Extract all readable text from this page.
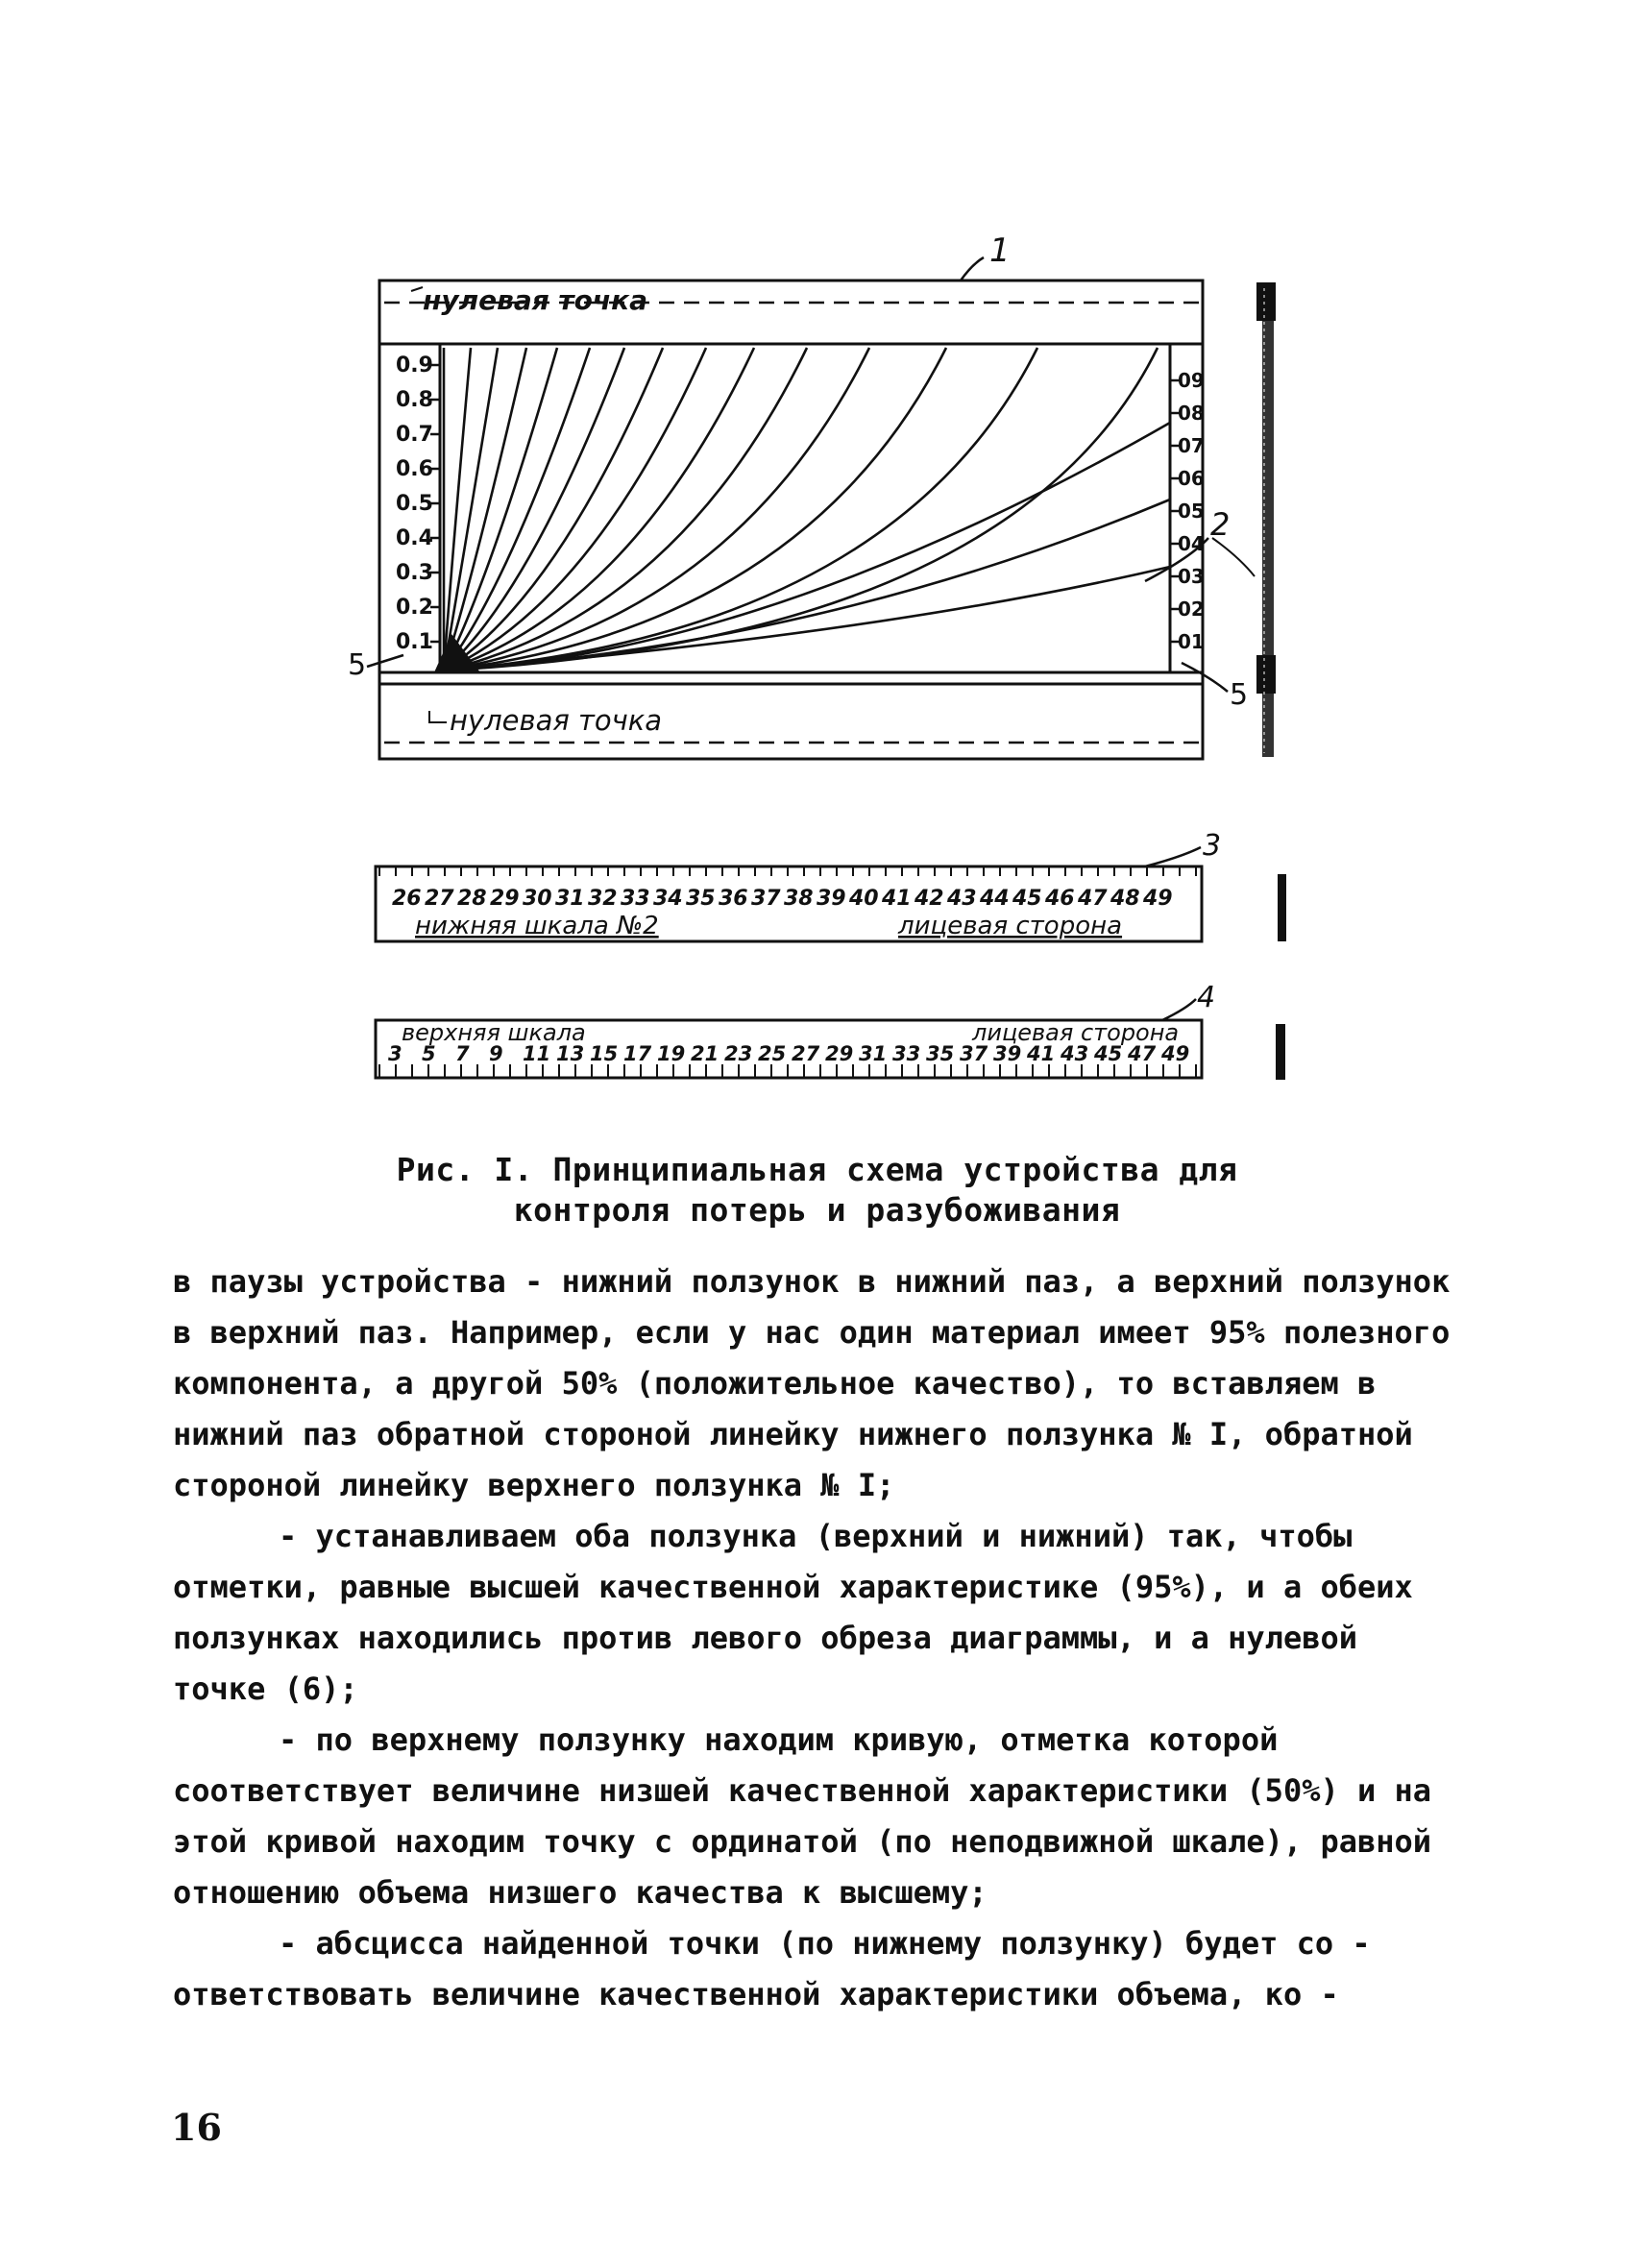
нулевая точка
нулевая точка
0.9
0.8
0.7
0.6
0.5
0.4
0.3
0.2
0.1
09
08
07
06
05
04
03
02
01
1
2
5
5
26 27 28 29 30 31 32 33 34 35 36 37 38 39 40 41 42 43 44 45 46 47 48 49
нижняя шкала №2	лицевая сторона
3
верхняя шкала	лицевая сторона
3 5 7 9 11 13 15 17 19 21 23 25 27 29 31 33 35 37 39 41 43 45 47 49
4
Рис. I. Принципиальная схема устройства для
контроля потерь и разубоживания

в паузы устройства - нижний ползунок в нижний паз, а верхний ползунок в верхний паз. Например, если у нас один материал имеет 95% полезного компонента, а другой 50% (положительное качество), то вставляем в нижний паз обратной стороной линейку нижнего ползунка № I, обратной стороной линейку верхнего ползунка № I;

- устанавливаем оба ползунка (верхний и нижний) так, чтобы отметки, равные высшей качественной характеристике (95%), и а обеих ползунках находились против левого обреза диаграммы, и а нулевой точке (6);

- по верхнему ползунку находим кривую, отметка которой соответствует величине низшей качественной характеристики (50%) и на этой кривой находим точку с ординатой (по неподвижной шкале), равной отношению объема низшего качества к высшему;

- абсцисса найденной точки (по нижнему ползунку) будет со - ответствовать величине качественной характеристики объема, ко -

16
